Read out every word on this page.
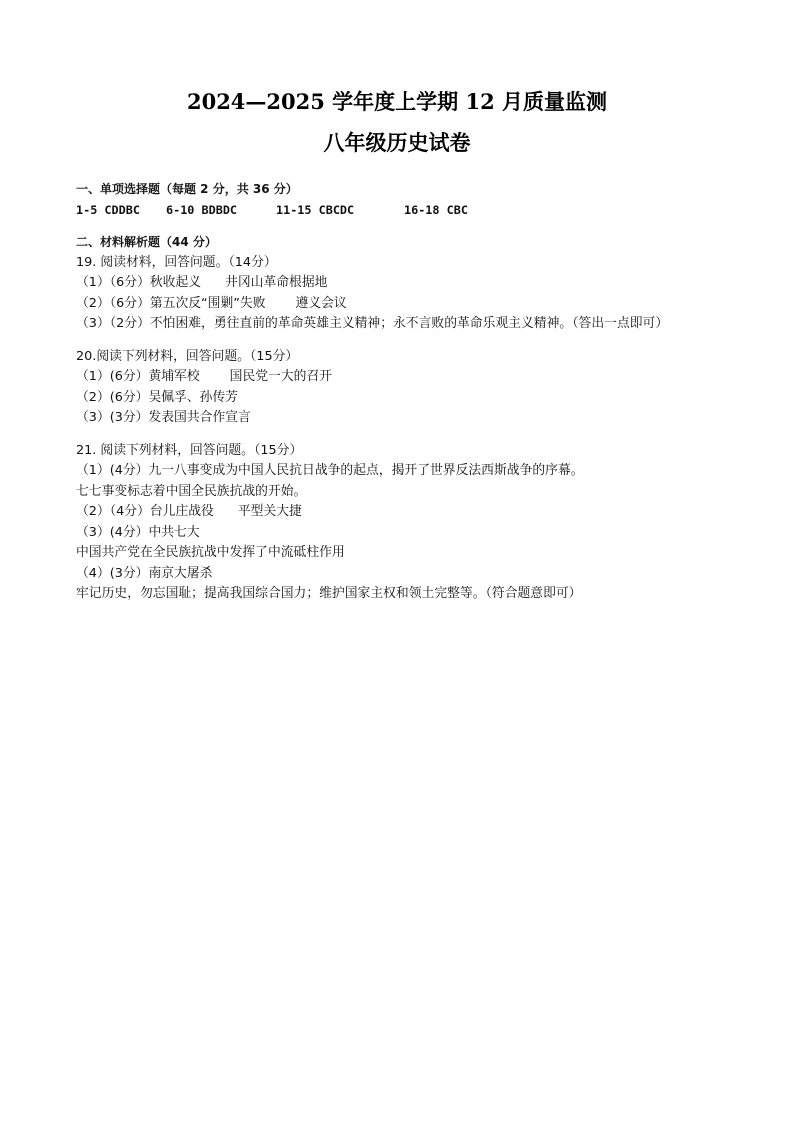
2024—2025 学年度上学期 12 月质量监测
八年级历史试卷
一、单项选择题（每题 2 分，共 36 分）
1-5 CDDBC 6-10 BDBDC	11-15 CBCDC	16-18 CBC
二、材料解析题（44 分）
19. 阅读材料，回答问题。（14分）
（1）（6分）秋收起义 井冈山革命根据地
（2）（6分）第五次反“围剿”失败 遵义会议
（3）（2分）不怕困难，勇往直前的革命英雄主义精神；永不言败的革命乐观主义精神。（答出一点即可）
20.阅读下列材料，回答问题。（15分）
（1）(6分）黄埔军校 国民党一大的召开
（2）(6分）吴佩孚、孙传芳
（3）(3分）发表国共合作宣言
21. 阅读下列材料，回答问题。（15分）
（1）(4分）九一八事变成为中国人民抗日战争的起点，揭开了世界反法西斯战争的序幕。
七七事变标志着中国全民族抗战的开始。
（2）（4分）台儿庄战役 平型关大捷
（3）(4分）中共七大
中国共产党在全民族抗战中发挥了中流砥柱作用
（4）(3分）南京大屠杀
牢记历史，勿忘国耻；提高我国综合国力；维护国家主权和领土完整等。（符合题意即可）
